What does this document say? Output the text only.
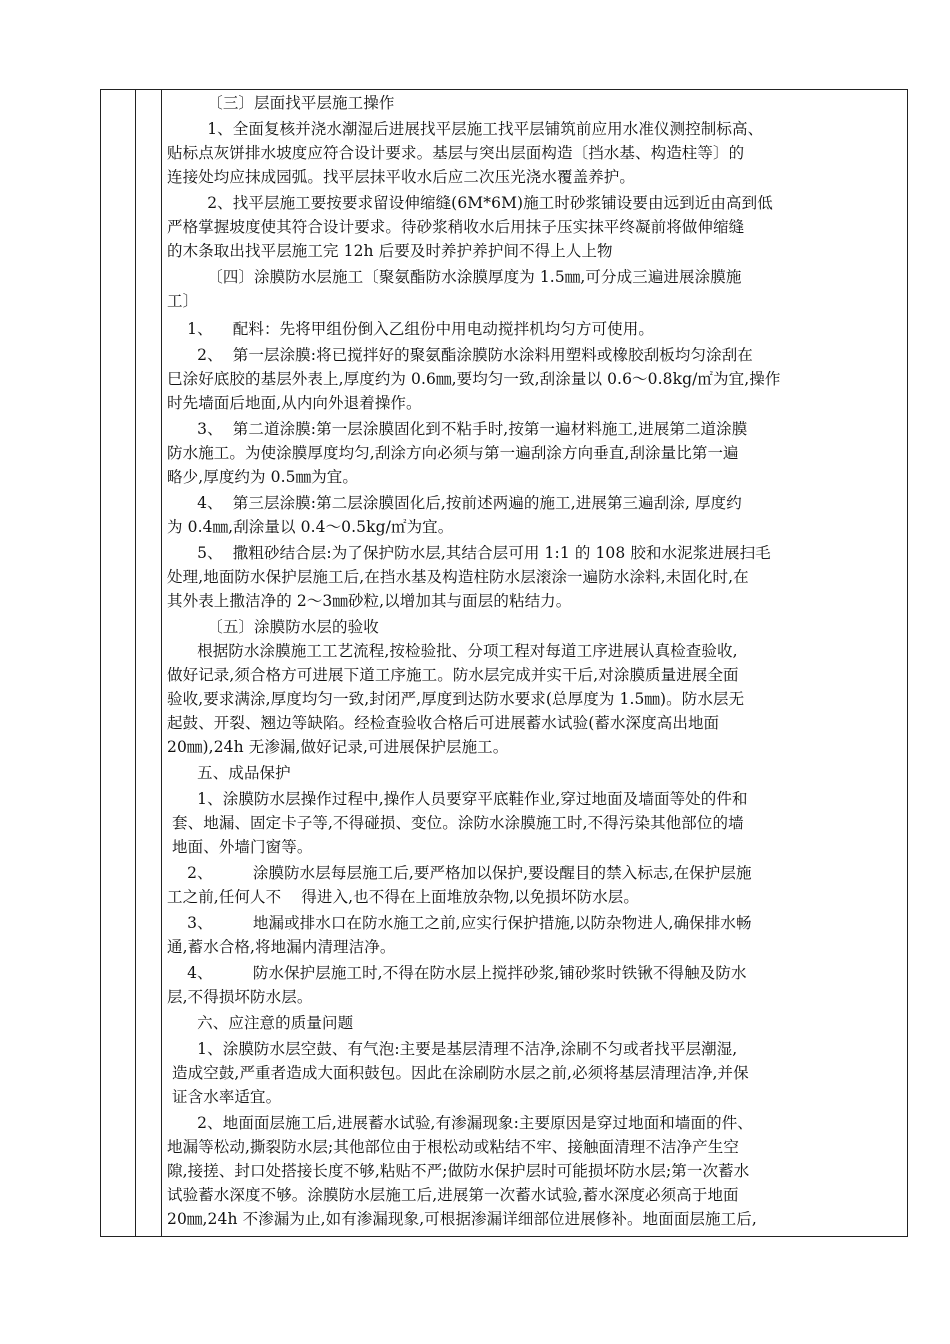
〔三〕层面找平层施工操作
1、全面复核并浇水潮湿后进展找平层施工找平层铺筑前应用水准仪测控制标高、
贴标点灰饼排水坡度应符合设计要求。基层与突出层面构造〔挡水基、构造柱等〕的
连接处均应抹成园弧。找平层抹平收水后应二次压光浇水覆盖养护。
2、找平层施工要按要求留设伸缩缝(6M*6M)施工时砂浆铺设要由远到近由高到低
严格掌握坡度使其符合设计要求。待砂浆稍收水后用抹子压实抹平终凝前将做伸缩缝
的木条取出找平层施工完 12h 后要及时养护养护间不得上人上物
〔四〕涂膜防水层施工〔聚氨酯防水涂膜厚度为 1.5㎜,可分成三遍进展涂膜施
工〕
1、    配料：先将甲组份倒入乙组份中用电动搅拌机均匀方可使用。
2、  第一层涂膜:将已搅拌好的聚氨酯涂膜防水涂料用塑料或橡胶刮板均匀涂刮在
巳涂好底胶的基层外表上,厚度约为 0.6㎜,要均匀一致,刮涂量以 0.6～0.8kg/㎡为宜,操作
时先墙面后地面,从内向外退着操作。
3、  第二道涂膜:第一层涂膜固化到不粘手时,按第一遍材料施工,进展第二道涂膜
防水施工。为使涂膜厚度均匀,刮涂方向必须与第一遍刮涂方向垂直,刮涂量比第一遍
略少,厚度约为 0.5㎜为宜。
4、  第三层涂膜:第二层涂膜固化后,按前述两遍的施工,进展第三遍刮涂, 厚度约
为 0.4㎜,刮涂量以 0.4～0.5kg/㎡为宜。
5、  撒粗砂结合层:为了保护防水层,其结合层可用 1:1 的 108 胶和水泥浆进展扫毛
处理,地面防水保护层施工后,在挡水基及构造柱防水层滚涂一遍防水涂料,未固化时,在
其外表上撒洁净的 2～3㎜砂粒,以增加其与面层的粘结力。
〔五〕涂膜防水层的验收
根据防水涂膜施工工艺流程,按检验批、分项工程对每道工序进展认真检查验收,
做好记录,须合格方可进展下道工序施工。防水层完成并实干后,对涂膜质量进展全面
验收,要求满涂,厚度均匀一致,封闭严,厚度到达防水要求(总厚度为 1.5㎜)。防水层无
起鼓、开裂、翘边等缺陷。经检查验收合格后可进展蓄水试验(蓄水深度高出地面
20㎜),24h 无渗漏,做好记录,可进展保护层施工。
五、成品保护
1、涂膜防水层操作过程中,操作人员要穿平底鞋作业,穿过地面及墙面等处的件和
套、地漏、固定卡子等,不得碰损、变位。涂防水涂膜施工时,不得污染其他部位的墙
地面、外墙门窗等。
2、        涂膜防水层每层施工后,要严格加以保护,要设醒目的禁入标志,在保护层施
工之前,任何人不    得进入,也不得在上面堆放杂物,以免损坏防水层。
3、        地漏或排水口在防水施工之前,应实行保护措施,以防杂物进人,确保排水畅
通,蓄水合格,将地漏内清理洁净。
4、        防水保护层施工时,不得在防水层上搅拌砂浆,铺砂浆时铁锹不得触及防水
层,不得损坏防水层。
六、应注意的质量问题
1、涂膜防水层空鼓、有气泡:主要是基层清理不洁净,涂刷不匀或者找平层潮湿,
造成空鼓,严重者造成大面积鼓包。因此在涂刷防水层之前,必须将基层清理洁净,并保
证含水率适宜。
2、地面面层施工后,进展蓄水试验,有渗漏现象:主要原因是穿过地面和墙面的件、
地漏等松动,撕裂防水层;其他部位由于根松动或粘结不牢、接触面清理不洁净产生空
隙,接搓、封口处搭接长度不够,粘贴不严;做防水保护层时可能损坏防水层;第一次蓄水
试验蓄水深度不够。涂膜防水层施工后,进展第一次蓄水试验,蓄水深度必须高于地面
20㎜,24h 不渗漏为止,如有渗漏现象,可根据渗漏详细部位进展修补。地面面层施工后,
